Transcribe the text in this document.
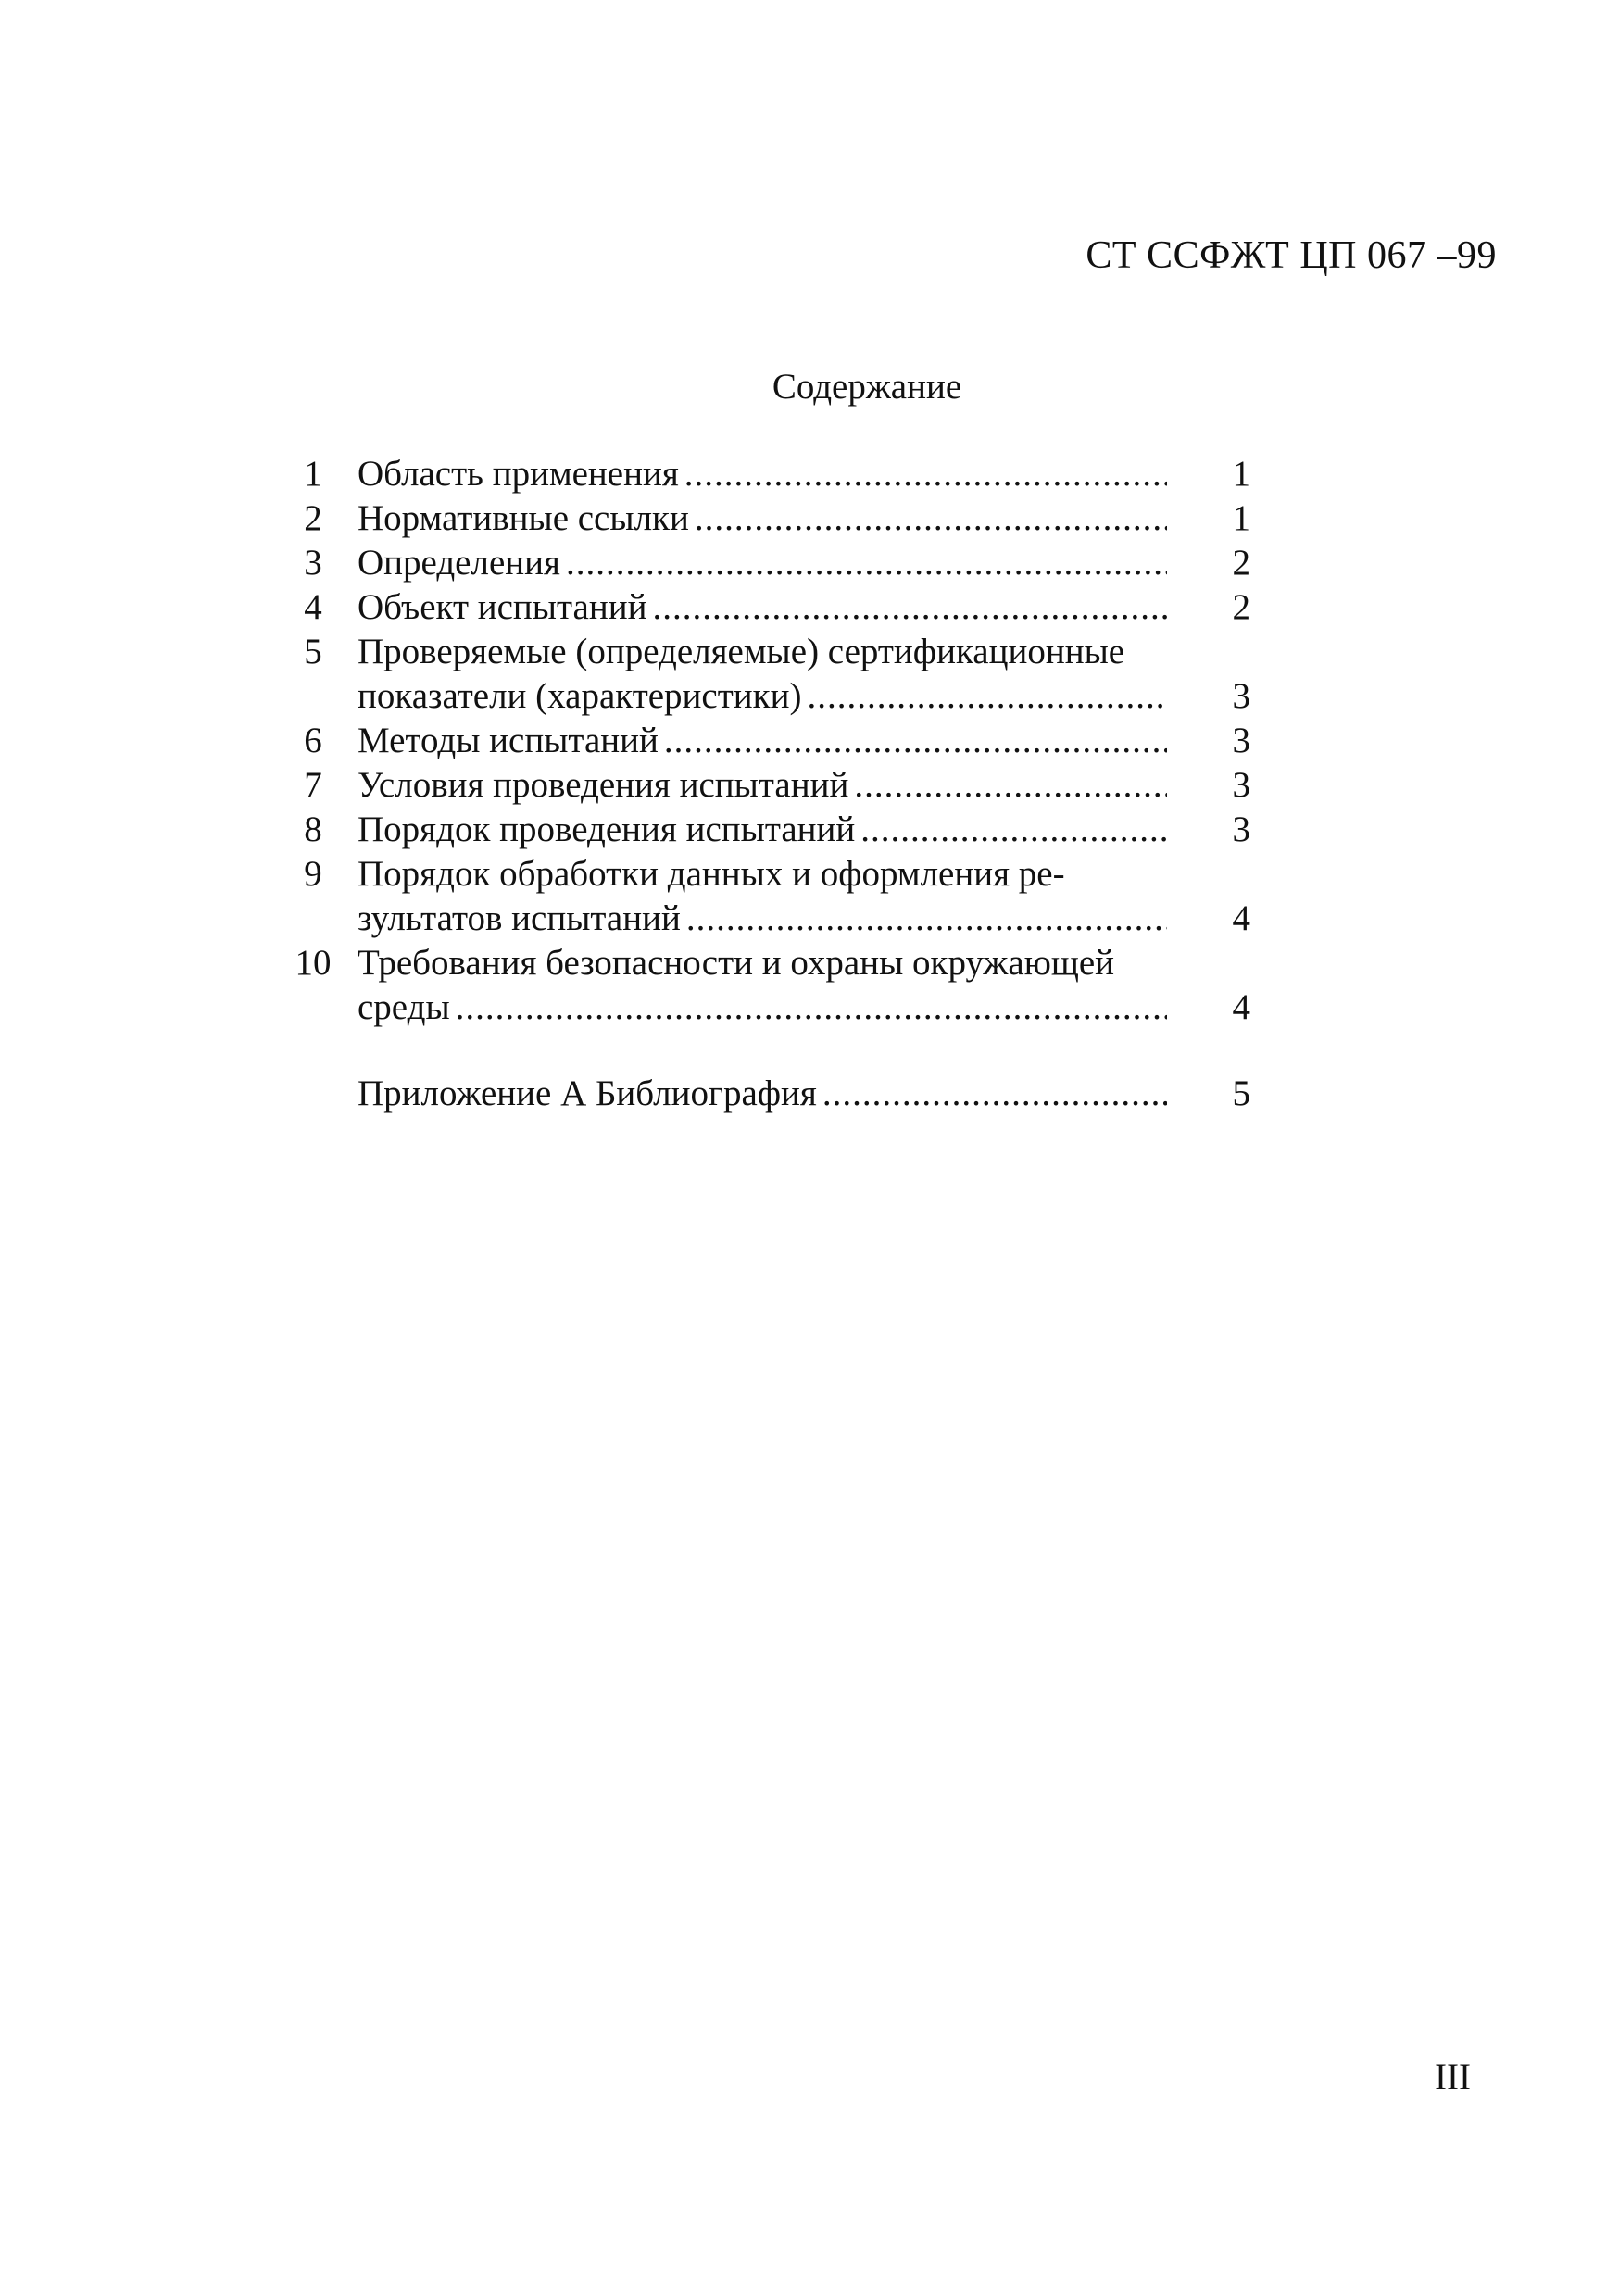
СТ ССФЖТ ЦП 067 –99
Содержание
1 Область применения .....	1
2 Нормативные ссылки .....	1
3 Определения .....	2
4 Объект испытаний .....	2
5 Проверяемые (определяемые) сертификационные
показатели (характеристики) .....	3
6 Методы испытаний .....	3
7 Условия проведения испытаний .....	3
8 Порядок проведения испытаний .....	3
9 Порядок обработки данных и оформления ре-
зультатов испытаний .....	4
10 Требования безопасности и охраны окружающей
среды .....	4
Приложение А Библиография .....	5
III
